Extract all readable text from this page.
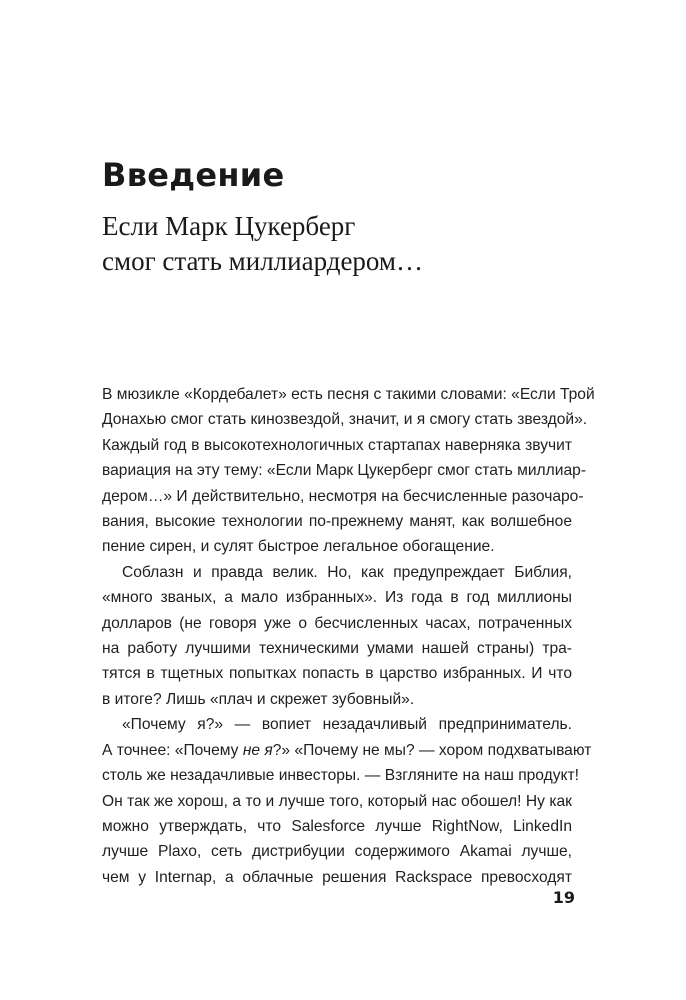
Введение
Если Марк Цукерберг
смог стать миллиардером…

В мюзикле «Кордебалет» есть песня с такими словами: «Если Трой
Донахью смог стать кинозвездой, значит, и я смогу стать звездой».
Каждый год в высокотехнологичных стартапах наверняка звучит
вариация на эту тему: «Если Марк Цукерберг смог стать миллиар-
дером…» И действительно, несмотря на бесчисленные разочаро-
вания, высокие технологии по-прежнему манят, как волшебное
пение сирен, и сулят быстрое легальное обогащение.

Соблазн и правда велик. Но, как предупреждает Библия,
«много званых, а мало избранных». Из года в год миллионы
долларов (не говоря уже о бесчисленных часах, потраченных
на работу лучшими техническими умами нашей страны) тра-
тятся в тщетных попытках попасть в царство избранных. И что
в итоге? Лишь «плач и скрежет зубовный».

«Почему я?» — вопиет незадачливый предприниматель.
А точнее: «Почему не я?» «Почему не мы? — хором подхватывают
столь же незадачливые инвесторы. — Взгляните на наш продукт!
Он так же хорош, а то и лучше того, который нас обошел! Ну как
можно утверждать, что Salesforce лучше RightNow, LinkedIn
лучше Plaxo, сеть дистрибуции содержимого Akamai лучше,
чем у Internap, а облачные решения Rackspace превосходят

19
